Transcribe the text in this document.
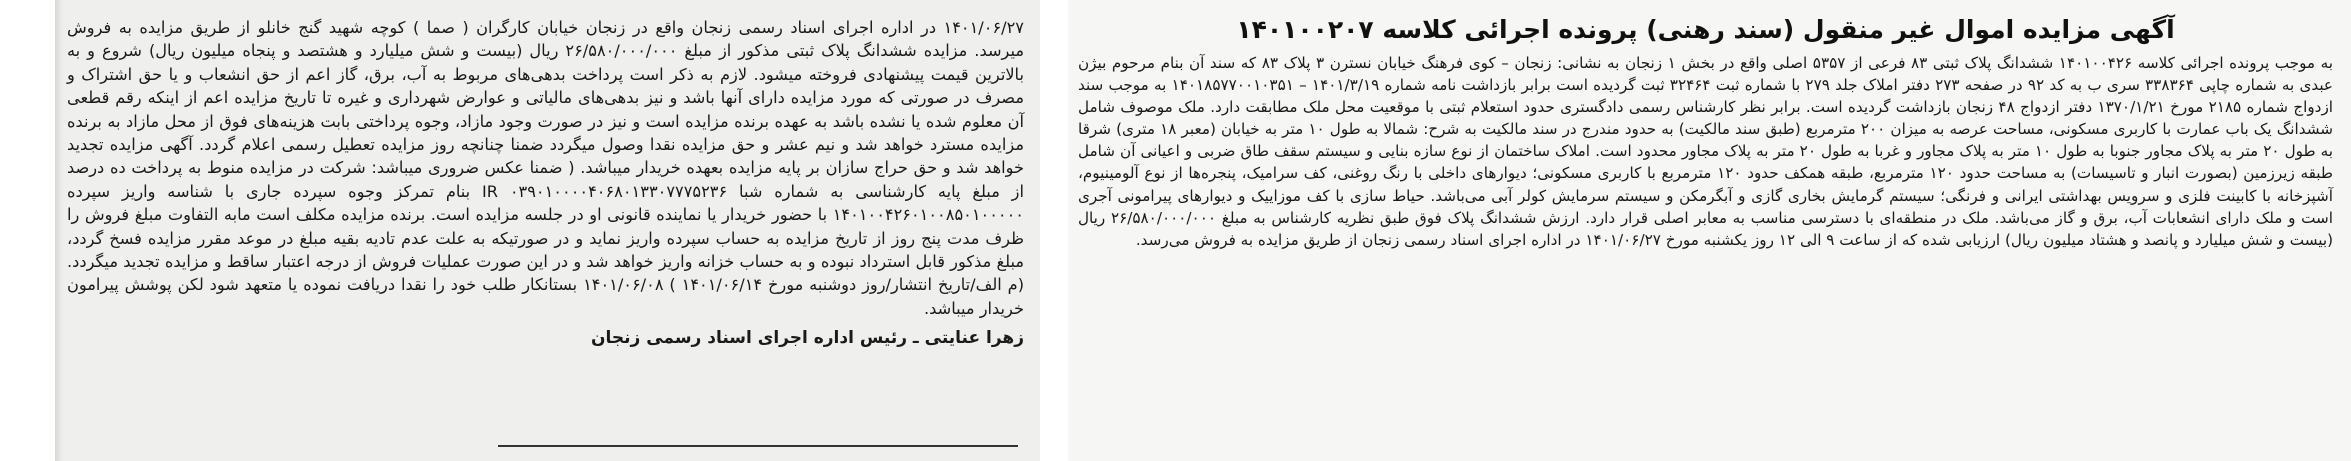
۱۴۰۱/۰۶/۲۷ در اداره اجرای اسناد رسمی زنجان واقع در زنجان خیابان کارگران ( صما ) کوچه شهید گنج خانلو از طریق مزایده به فروش میرسد. مزایده ششدانگ پلاک ثبتی مذکور از مبلغ ۲۶/۵۸۰/۰۰۰/۰۰۰ ریال (بیست و شش میلیارد و هشتصد و پنجاه میلیون ریال) شروع و به بالاترین قیمت پیشنهادی فروخته میشود. لازم به ذکر است پرداخت بدهی‌های مربوط به آب، برق، گاز اعم از حق انشعاب و یا حق اشتراک و مصرف در صورتی که مورد مزایده دارای آنها باشد و نیز بدهی‌های مالیاتی و عوارض شهرداری و غیره تا تاریخ مزایده اعم از اینکه رقم قطعی آن معلوم شده یا نشده باشد به عهده برنده مزایده است و نیز در صورت وجود مازاد، وجوه پرداختی بابت هزینه‌های فوق از محل مازاد به برنده مزایده مسترد خواهد شد و نیم عشر و حق مزایده نقدا وصول میگردد ضمنا چنانچه روز مزایده تعطیل رسمی اعلام گردد. آگهی مزایده تجدید خواهد شد و حق حراج سازان بر پایه مزایده بعهده خریدار میباشد. ( ضمنا عکس ضروری میباشد: شرکت در مزایده منوط به پرداخت ده درصد از مبلغ پایه کارشناسی به شماره شبا IR ۰۳۹۰۱۰۰۰۰۴۰۶۸۰۱۳۳۰۷۷۷۵۲۳۶ بنام تمرکز وجوه سپرده جاری با شناسه واریز سپرده ۱۴۰۱۰۰۴۲۶۰۱۰۰۸۵۰۱۰۰۰۰۰ با حضور خریدار یا نماینده قانونی او در جلسه مزایده است. برنده مزایده مکلف است مابه التفاوت مبلغ فروش را ظرف مدت پنج روز از تاریخ مزایده به حساب سپرده واریز نماید و در صورتیکه به علت عدم تادیه بقیه مبلغ در موعد مقرر مزایده فسخ گردد، مبلغ مذکور قابل استرداد نبوده و به حساب خزانه واریز خواهد شد و در این صورت عملیات فروش از درجه اعتبار ساقط و مزایده تجدید میگردد. (م الف/تاریخ انتشار/روز دوشنبه مورخ ۱۴۰۱/۰۶/۱۴ ) ۱۴۰۱/۰۶/۰۸ بستانکار طلب خود را نقدا دریافت نموده یا متعهد شود لکن پوشش پیرامون خریدار میباشد.

زهرا عنایتی ـ رئیس اداره اجرای اسناد رسمی زنجان

آگهی مزایده اموال غیر منقول (سند رهنی) پرونده اجرائی کلاسه ۱۴۰۱۰۰۲۰۷

به موجب پرونده اجرائی کلاسه ۱۴۰۱۰۰۴۲۶ ششدانگ پلاک ثبتی ۸۳ فرعی از ۵۳۵۷ اصلی واقع در بخش ۱ زنجان به نشانی: زنجان – کوی فرهنگ خیابان نسترن ۳ پلاک ۸۳ که سند آن بنام مرحوم بیژن عبدی به شماره چاپی ۳۳۸۳۶۴ سری ب به کد ۹۲ در صفحه ۲۷۳ دفتر املاک جلد ۲۷۹ با شماره ثبت ۳۲۴۶۴ ثبت گردیده است برابر بازداشت نامه شماره ۱۴۰۱/۳/۱۹ – ۱۴۰۱۸۵۷۷۰۰۱۰۳۵۱ به موجب سند ازدواج شماره ۲۱۸۵ مورخ ۱۳۷۰/۱/۲۱ دفتر ازدواج ۴۸ زنجان بازداشت گردیده است. برابر نظر کارشناس رسمی دادگستری حدود استعلام ثبتی با موقعیت محل ملک مطابقت دارد. ملک موصوف شامل ششدانگ یک باب عمارت با کاربری مسکونی، مساحت عرصه به میزان ۲۰۰ مترمربع (طبق سند مالکیت) به حدود مندرج در سند مالکیت به شرح: شمالا به طول ۱۰ متر به خیابان (معبر ۱۸ متری) شرقا به طول ۲۰ متر به پلاک مجاور جنوبا به طول ۱۰ متر به پلاک مجاور و غربا به طول ۲۰ متر به پلاک مجاور محدود است. املاک ساختمان از نوع سازه بنایی و سیستم سقف طاق ضربی و اعیانی آن شامل طبقه زیرزمین (بصورت انبار و تاسیسات) به مساحت حدود ۱۲۰ مترمربع، طبقه همکف حدود ۱۲۰ مترمربع با کاربری مسکونی؛ دیوارهای داخلی با رنگ روغنی، کف سرامیک، پنجره‌ها از نوع آلومینیوم، آشپزخانه با کابینت فلزی و سرویس بهداشتی ایرانی و فرنگی؛ سیستم گرمایش بخاری گازی و آبگرمکن و سیستم سرمایش کولر آبی می‌باشد. حیاط سازی با کف موزاییک و دیوارهای پیرامونی آجری است و ملک دارای انشعابات آب، برق و گاز می‌باشد. ملک در منطقه‌ای با دسترسی مناسب به معابر اصلی قرار دارد. ارزش ششدانگ پلاک فوق طبق نظریه کارشناس به مبلغ ۲۶/۵۸۰/۰۰۰/۰۰۰ ریال (بیست و شش میلیارد و پانصد و هشتاد میلیون ریال) ارزیابی شده که از ساعت ۹ الی ۱۲ روز یکشنبه مورخ ۱۴۰۱/۰۶/۲۷ در اداره اجرای اسناد رسمی زنجان از طریق مزایده به فروش می‌رسد.
